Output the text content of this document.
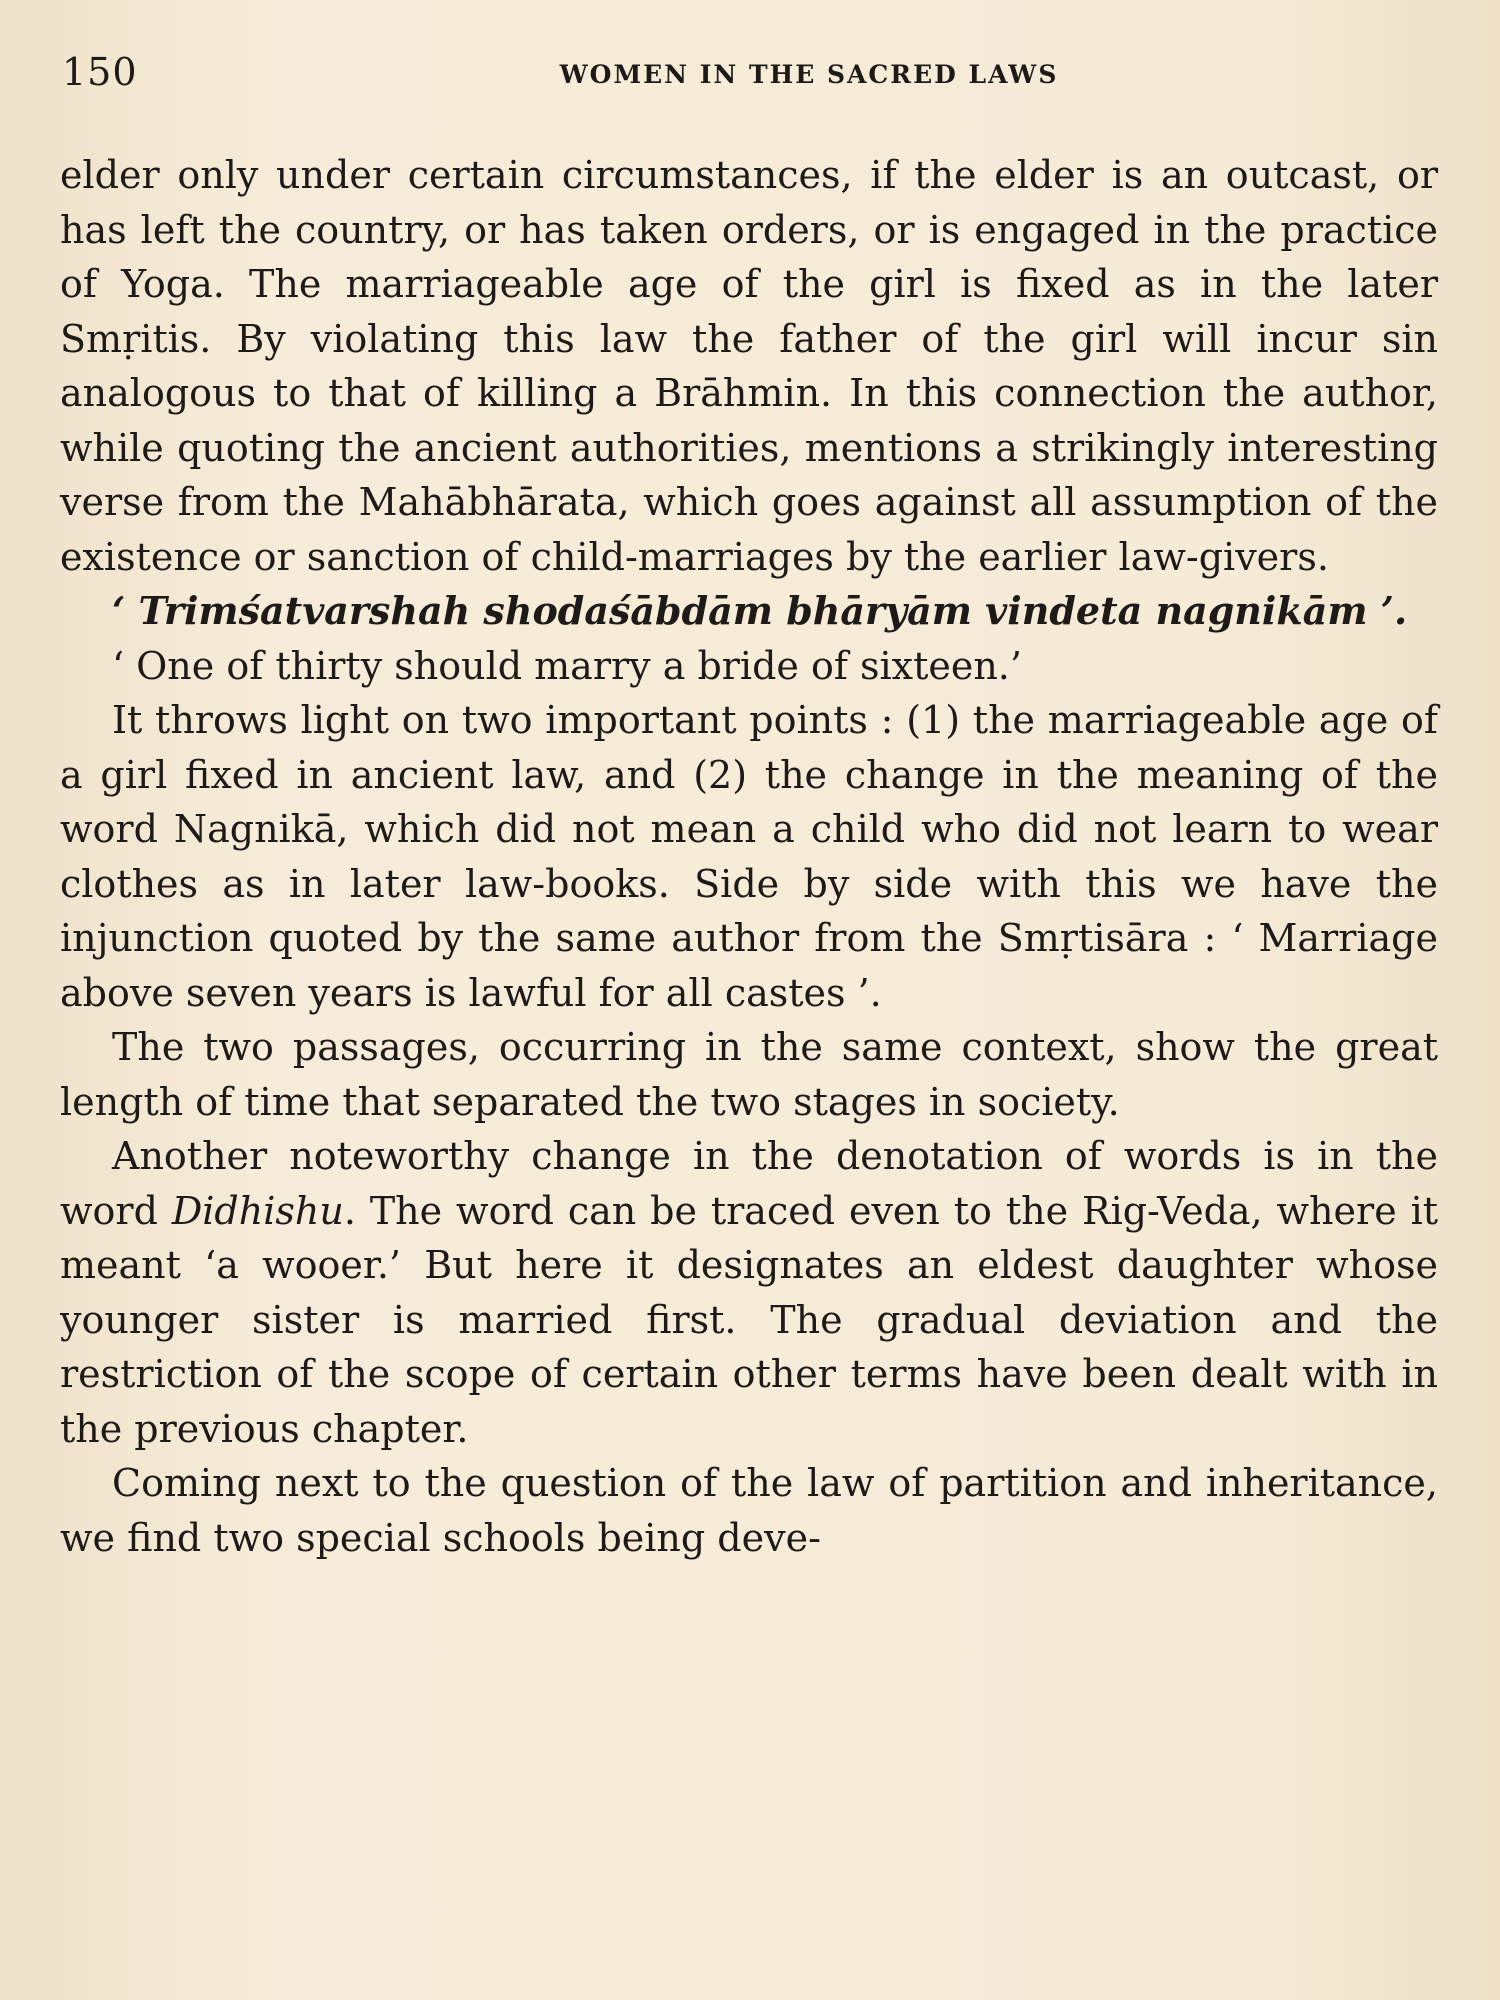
150	WOMEN IN THE SACRED LAWS

elder only under certain circumstances, if the elder is an outcast, or has left the country, or has taken orders, or is engaged in the practice of Yoga. The marriageable age of the girl is fixed as in the later Smṛitis. By violating this law the father of the girl will incur sin analogous to that of killing a Brāhmin. In this connection the author, while quoting the ancient authorities, mentions a strikingly interesting verse from the Mahābhārata, which goes against all assumption of the existence or sanction of child-marriages by the earlier law-givers.

‘ Trimśatvarshah shodaśābdām bhāryām vindeta nagnikām ’.

‘ One of thirty should marry a bride of sixteen.’

It throws light on two important points : (1) the marriageable age of a girl fixed in ancient law, and (2) the change in the meaning of the word Nagnikā, which did not mean a child who did not learn to wear clothes as in later law-books. Side by side with this we have the injunction quoted by the same author from the Smṛtisāra : ‘ Marriage above seven years is lawful for all castes ’.

The two passages, occurring in the same context, show the great length of time that separated the two stages in society.

Another noteworthy change in the denotation of words is in the word Didhishu. The word can be traced even to the Rig-Veda, where it meant ‘a wooer.’ But here it designates an eldest daughter whose younger sister is married first. The gradual deviation and the restriction of the scope of certain other terms have been dealt with in the previous chapter.

Coming next to the question of the law of partition and inheritance, we find two special schools being deve-
